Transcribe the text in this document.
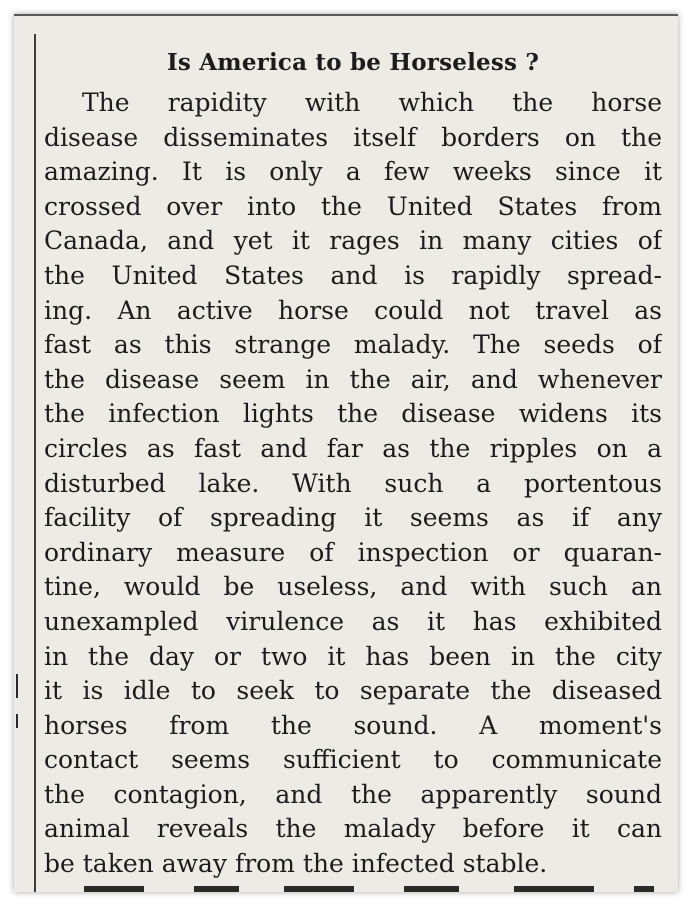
Is America to be Horseless ?
The rapidity with which the horse
disease disseminates itself borders on the
amazing. It is only a few weeks since it
crossed over into the United States from
Canada, and yet it rages in many cities of
the United States and is rapidly spread-
ing. An active horse could not travel as
fast as this strange malady. The seeds of
the disease seem in the air, and whenever
the infection lights the disease widens its
circles as fast and far as the ripples on a
disturbed lake. With such a portentous
facility of spreading it seems as if any
ordinary measure of inspection or quaran-
tine, would be useless, and with such an
unexampled virulence as it has exhibited
in the day or two it has been in the city
it is idle to seek to separate the diseased
horses from the sound. A moment's
contact seems sufficient to communicate
the contagion, and the apparently sound
animal reveals the malady before it can
be taken away from the infected stable.
